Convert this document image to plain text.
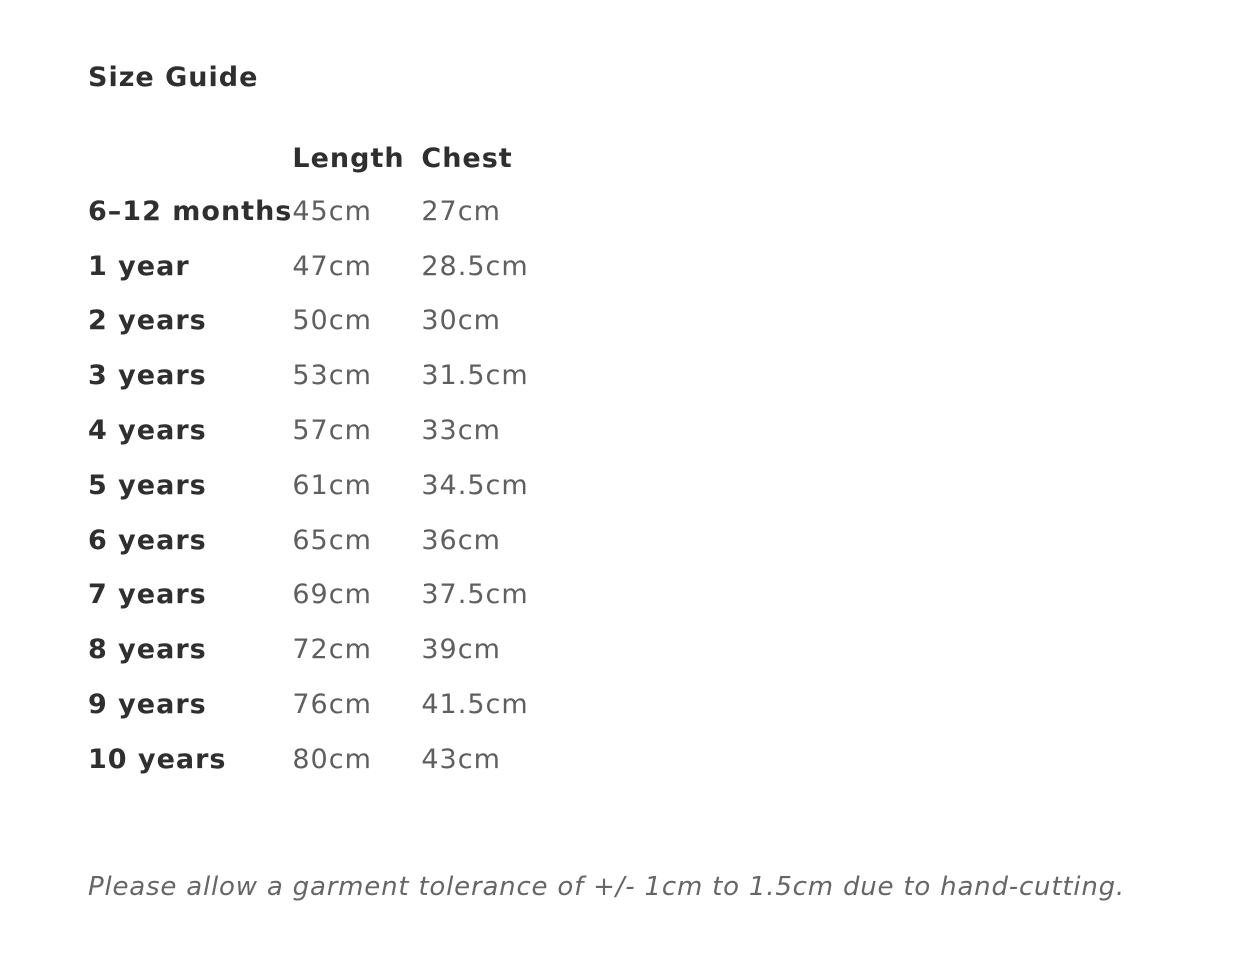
Size Guide
	Length	Chest
6–12 months	45cm	27cm
1 year	47cm	28.5cm
2 years	50cm	30cm
3 years	53cm	31.5cm
4 years	57cm	33cm
5 years	61cm	34.5cm
6 years	65cm	36cm
7 years	69cm	37.5cm
8 years	72cm	39cm
9 years	76cm	41.5cm
10 years	80cm	43cm

Please allow a garment tolerance of +/- 1cm to 1.5cm due to hand-cutting.
